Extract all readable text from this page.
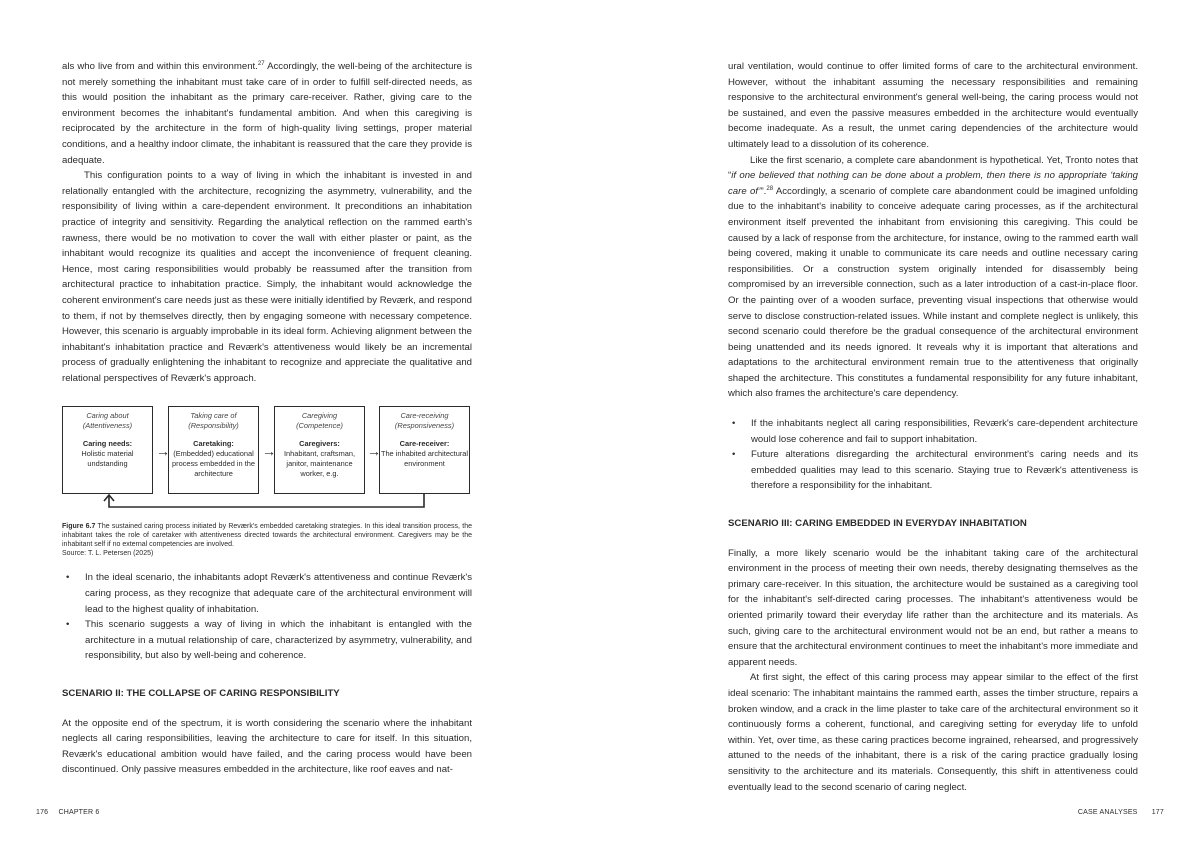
als who live from and within this environment.$^{27}$ Accordingly, the well-being of the architecture is not merely something the inhabitant must take care of in order to fulfill self-directed needs, as this would position the inhabitant as the primary care-receiver. Rather, giving care to the environment becomes the inhabitant's fundamental ambition. And when this caregiving is reciprocated by the architecture in the form of high-quality living settings, proper material conditions, and a healthy indoor climate, the inhabitant is reassured that the care they provide is adequate.

This configuration points to a way of living in which the inhabitant is invested in and relationally entangled with the architecture, recognizing the asymmetry, vulnerability, and the responsibility of living within a care-dependent environment. It preconditions an inhabitation practice of integrity and sensitivity. Regarding the analytical reflection on the rammed earth's rawness, there would be no motivation to cover the wall with either plaster or paint, as the inhabitant would recognize its qualities and accept the inconvenience of frequent cleaning. Hence, most caring responsibilities would probably be reassumed after the transition from architectural practice to inhabitation practice. Simply, the inhabitant would acknowledge the coherent environment's care needs just as these were initially identified by Reværk, and respond to them, if not by themselves directly, then by engaging someone with necessary competence. However, this scenario is arguably improbable in its ideal form. Achieving alignment between the inhabitant's inhabitation practice and Reværk's attentiveness would likely be an incremental process of gradually enlightening the inhabitant to recognize and appreciate the qualitative and relational perspectives of Reværk's approach.

Caring about
(Attentiveness)
Caring needs:
Holistic material undstanding
→
Taking care of
(Responsibility)
Caretaking:
(Embedded) educational process embedded in the architecture
→
Caregiving
(Competence)
Caregivers:
Inhabitant, craftsman, janitor, maintenance worker, e.g.
→
Care-receiving
(Responsiveness)
Care-receiver:
The inhabited architectural environment
Figure 6.7 The sustained caring process initiated by Reværk's embedded caretaking strategies. In this ideal transition process, the inhabitant takes the role of caretaker with attentiveness directed towards the architectural environment. Caregivers may be the inhabitant self if no external competencies are involved.
Source: T. L. Petersen (2025)
• In the ideal scenario, the inhabitants adopt Reværk's attentiveness and continue Reværk's caring process, as they recognize that adequate care of the architectural environment will lead to the highest quality of inhabitation.
• This scenario suggests a way of living in which the inhabitant is entangled with the architecture in a mutual relationship of care, characterized by asymmetry, vulnerability, and responsibility, but also by well-being and coherence.

SCENARIO II: THE COLLAPSE OF CARING RESPONSIBILITY

At the opposite end of the spectrum, it is worth considering the scenario where the inhabitant neglects all caring responsibilities, leaving the architecture to care for itself. In this situation, Reværk's educational ambition would have failed, and the caring process would have been discontinued. Only passive measures embedded in the architecture, like roof eaves and nat-

ural ventilation, would continue to offer limited forms of care to the architectural environment. However, without the inhabitant assuming the necessary responsibilities and remaining responsive to the architectural environment's general well-being, the caring process would not be sustained, and even the passive measures embedded in the architecture would eventually become inadequate. As a result, the unmet caring dependencies of the architecture would ultimately lead to a dissolution of its coherence.

Like the first scenario, a complete care abandonment is hypothetical. Yet, Tronto notes that “if one believed that nothing can be done about a problem, then there is no appropriate ‘taking care of’”.$^{28}$ Accordingly, a scenario of complete care abandonment could be imagined unfolding due to the inhabitant's inability to conceive adequate caring processes, as if the architectural environment itself prevented the inhabitant from envisioning this caregiving. This could be caused by a lack of response from the architecture, for instance, owing to the rammed earth wall being covered, making it unable to communicate its care needs and outline necessary caring responsibilities. Or a construction system originally intended for disassembly being compromised by an irreversible connection, such as a later introduction of a cast-in-place floor. Or the painting over of a wooden surface, preventing visual inspections that otherwise would serve to disclose construction-related issues. While instant and complete neglect is unlikely, this second scenario could therefore be the gradual consequence of the architectural environment being unattended and its needs ignored. It reveals why it is important that alterations and adaptations to the architectural environment remain true to the attentiveness that originally shaped the architecture. This constitutes a fundamental responsibility for any future inhabitant, which also frames the architecture's care dependency.

• If the inhabitants neglect all caring responsibilities, Reværk's care-dependent architecture would lose coherence and fail to support inhabitation.
• Future alterations disregarding the architectural environment's caring needs and its embedded qualities may lead to this scenario. Staying true to Reværk's attentiveness is therefore a responsibility for the inhabitant.

SCENARIO III: CARING EMBEDDED IN EVERYDAY INHABITATION

Finally, a more likely scenario would be the inhabitant taking care of the architectural environment in the process of meeting their own needs, thereby designating themselves as the primary care-receiver. In this situation, the architecture would be sustained as a caregiving tool for the inhabitant's self-directed caring processes. The inhabitant's attentiveness would be oriented primarily toward their everyday life rather than the architecture and its materials. As such, giving care to the architectural environment would not be an end, but rather a means to ensure that the architectural environment continues to meet the inhabitant's more immediate and apparent needs.

At first sight, the effect of this caring process may appear similar to the effect of the first ideal scenario: The inhabitant maintains the rammed earth, asses the timber structure, repairs a broken window, and a crack in the lime plaster to take care of the architectural environment so it continuously forms a coherent, functional, and caregiving setting for everyday life to unfold within. Yet, over time, as these caring practices become ingrained, rehearsed, and progressively attuned to the needs of the inhabitant, there is a risk of the caring practice gradually losing sensitivity to the architecture and its materials. Consequently, this shift in attentiveness could eventually lead to the second scenario of caring neglect.

176 CHAPTER 6	CASE ANALYSES 177
